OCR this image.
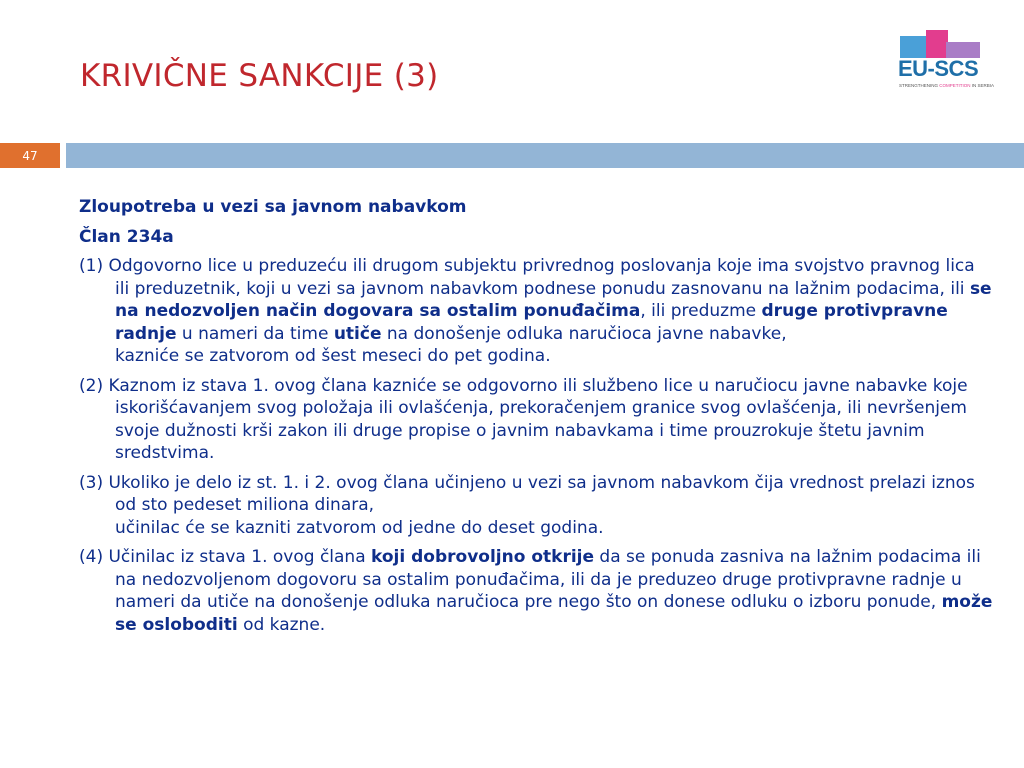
KRIVIČNE SANKCIJE (3)	EU-SCS
STRENGTHENING COMPETITION IN SERBIA
47
Zloupotreba u vezi sa javnom nabavkom
Član 234a
(1) Odgovorno lice u preduzeću ili drugom subjektu privrednog poslovanja koje ima svojstvo pravnog lica ili preduzetnik, koji u vezi sa javnom nabavkom podnese ponudu zasnovanu na lažnim podacima, ili se na nedozvoljen način dogovara sa ostalim ponuđačima, ili preduzme druge protivpravne radnje u nameri da time utiče na donošenje odluka naručioca javne nabavke,
kazniće se zatvorom od šest meseci do pet godina.
(2) Kaznom iz stava 1. ovog člana kazniće se odgovorno ili službeno lice u naručiocu javne nabavke koje iskorišćavanjem svog položaja ili ovlašćenja, prekoračenjem granice svog ovlašćenja, ili nevršenjem svoje dužnosti krši zakon ili druge propise o javnim nabavkama i time prouzrokuje štetu javnim sredstvima.
(3) Ukoliko je delo iz st. 1. i 2. ovog člana učinjeno u vezi sa javnom nabavkom čija vrednost prelazi iznos od sto pedeset miliona dinara,
učinilac će se kazniti zatvorom od jedne do deset godina.
(4) Učinilac iz stava 1. ovog člana koji dobrovoljno otkrije da se ponuda zasniva na lažnim podacima ili na nedozvoljenom dogovoru sa ostalim ponuđačima, ili da je preduzeo druge protivpravne radnje u nameri da utiče na donošenje odluka naručioca pre nego što on donese odluku o izboru ponude, može se osloboditi od kazne.
